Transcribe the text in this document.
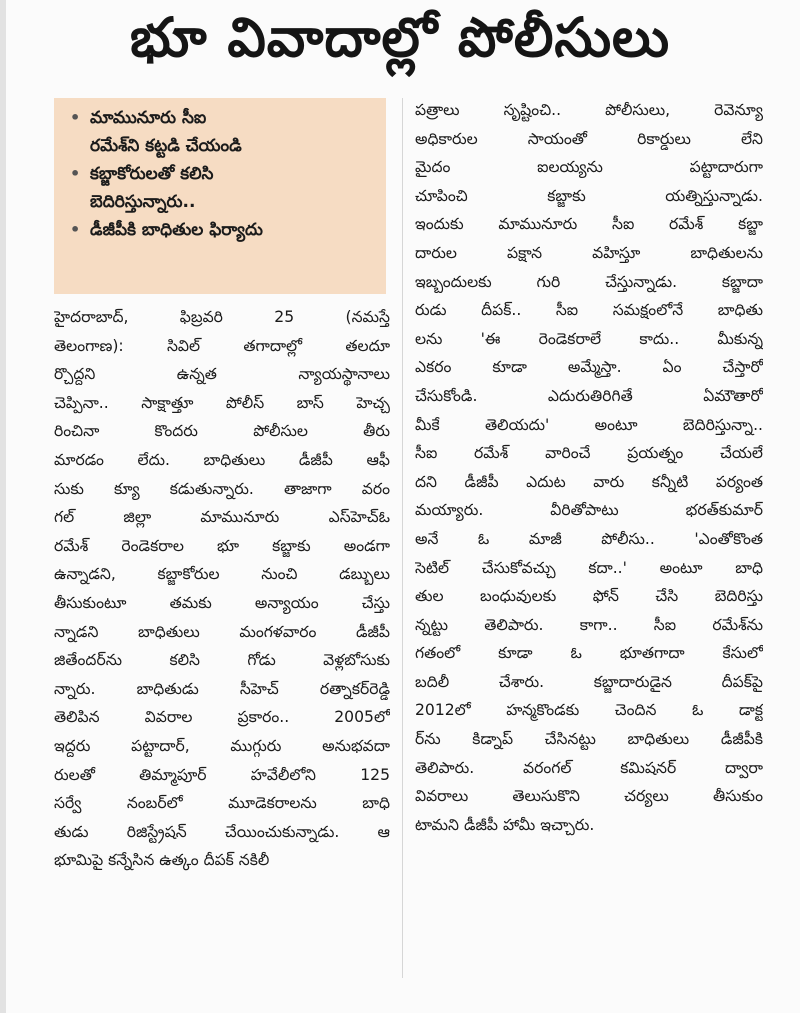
భూ వివాదాల్లో పోలీసులు
• మామునూరు సీఐ
రమేశ్‌ని కట్టడి చేయండి
• కబ్జాకోరులతో కలిసి
బెదిరిస్తున్నారు..
• డీజీపీకి బాధితుల ఫిర్యాదు
హైదరాబాద్, ఫిబ్రవరి 25 (నమస్తే
తెలంగాణ): సివిల్ తగాదాల్లో తలదూ
ర్చొద్దని ఉన్నత న్యాయస్థానాలు
చెప్పినా.. సాక్షాత్తూ పోలీస్ బాస్ హెచ్చ
రించినా కొందరు పోలీసుల తీరు
మారడం లేదు. బాధితులు డీజీపీ ఆఫీ
సుకు క్యూ కడుతున్నారు. తాజాగా వరం
గల్ జిల్లా మామునూరు ఎస్‌హెచ్‌ఓ
రమేశ్ రెండెకరాల భూ కబ్జాకు అండగా
ఉన్నాడని, కబ్జాకోరుల నుంచి డబ్బులు
తీసుకుంటూ తమకు అన్యాయం చేస్తు
న్నాడని బాధితులు మంగళవారం డీజీపీ
జితేందర్‌ను కలిసి గోడు వెళ్లబోసుకు
న్నారు. బాధితుడు సీహెచ్ రత్నాకర్‌రెడ్డి
తెలిపిన వివరాల ప్రకారం.. 2005లో
ఇద్దరు పట్టాదార్, ముగ్గురు అనుభవదా
రులతో తిమ్మాపూర్ హవేలీలోని 125
సర్వే నంబర్‌లో మూడెకరాలను బాధి
తుడు రిజిస్ట్రేషన్ చేయించుకున్నాడు. ఆ
భూమిపై కన్నేసిన ఉత్కం దీపక్ నకిలీ
పత్రాలు సృష్టించి.. పోలీసులు, రెవెన్యూ
అధికారుల సాయంతో రికార్డులు లేని
మైదం ఐలయ్యను పట్టాదారుగా
చూపించి కబ్జాకు యత్నిస్తున్నాడు.
ఇందుకు మామునూరు సీఐ రమేశ్ కబ్జా
దారుల పక్షాన వహిస్తూ బాధితులను
ఇబ్బందులకు గురి చేస్తున్నాడు. కబ్జాదా
రుడు దీపక్.. సీఐ సమక్షంలోనే బాధితు
లను 'ఈ రెండెకరాలే కాదు.. మీకున్న
ఎకరం కూడా అమ్మేస్తా. ఏం చేస్తారో
చేసుకోండి. ఎదురుతిరిగితే ఏమౌతారో
మీకే తెలియదు' అంటూ బెదిరిస్తున్నా..
సీఐ రమేశ్ వారించే ప్రయత్నం చేయలే
దని డీజీపీ ఎదుట వారు కన్నీటి పర్యంత
మయ్యారు. వీరితోపాటు భరత్‌కుమార్
అనే ఓ మాజీ పోలీసు.. 'ఎంతోకొంత
సెటిల్ చేసుకోవచ్చు కదా..' అంటూ బాధి
తుల బంధువులకు ఫోన్ చేసి బెదిరిస్తు
న్నట్టు తెలిపారు. కాగా.. సీఐ రమేశ్‌ను
గతంలో కూడా ఓ భూతగాదా కేసులో
బదిలీ చేశారు. కబ్జాదారుడైన దీపక్‌పై
2012లో హన్మకొండకు చెందిన ఓ డాక్ట
ర్‌ను కిడ్నాప్ చేసినట్టు బాధితులు డీజీపీకి
తెలిపారు. వరంగల్ కమిషనర్ ద్వారా
వివరాలు తెలుసుకొని చర్యలు తీసుకుం
టామని డీజీపీ హామీ ఇచ్చారు.
